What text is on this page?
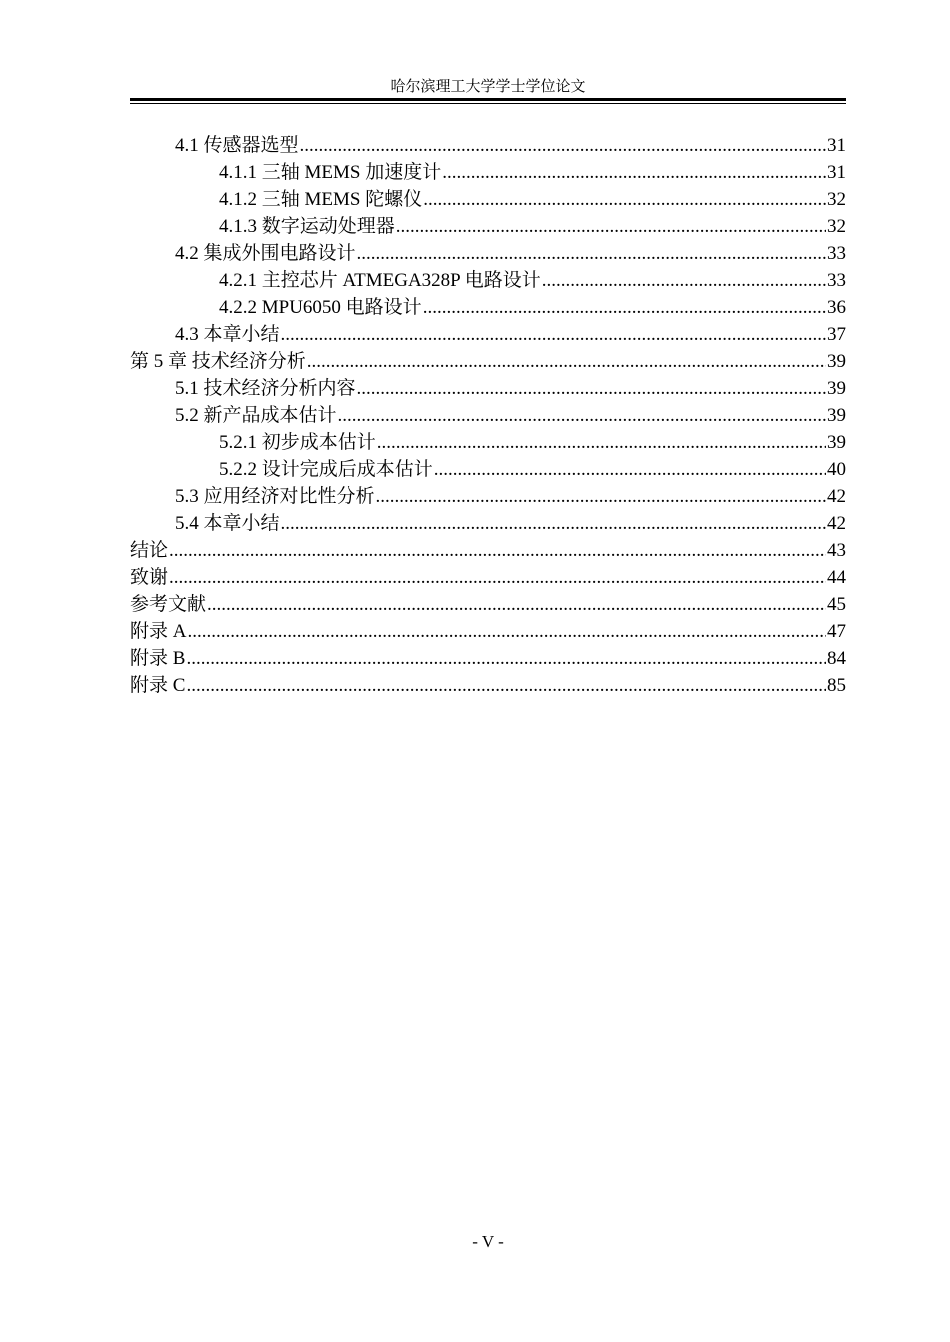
哈尔滨理工大学学士学位论文
4.1 传感器选型 .....	31
4.1.1 三轴 MEMS 加速度计 .....	31
4.1.2 三轴 MEMS 陀螺仪 .....	32
4.1.3 数字运动处理器 .....	32
4.2 集成外围电路设计 .....	33
4.2.1 主控芯片 ATMEGA328P 电路设计 .....	33
4.2.2 MPU6050 电路设计 .....	36
4.3 本章小结 .....	37
第 5 章 技术经济分析 .....	39
5.1 技术经济分析内容 .....	39
5.2 新产品成本估计 .....	39
5.2.1 初步成本估计 .....	39
5.2.2 设计完成后成本估计 .....	40
5.3 应用经济对比性分析 .....	42
5.4 本章小结 .....	42
结论 .....	43
致谢 .....	44
参考文献 .....	45
附录 A .....	47
附录 B .....	84
附录 C .....	85
- V -
